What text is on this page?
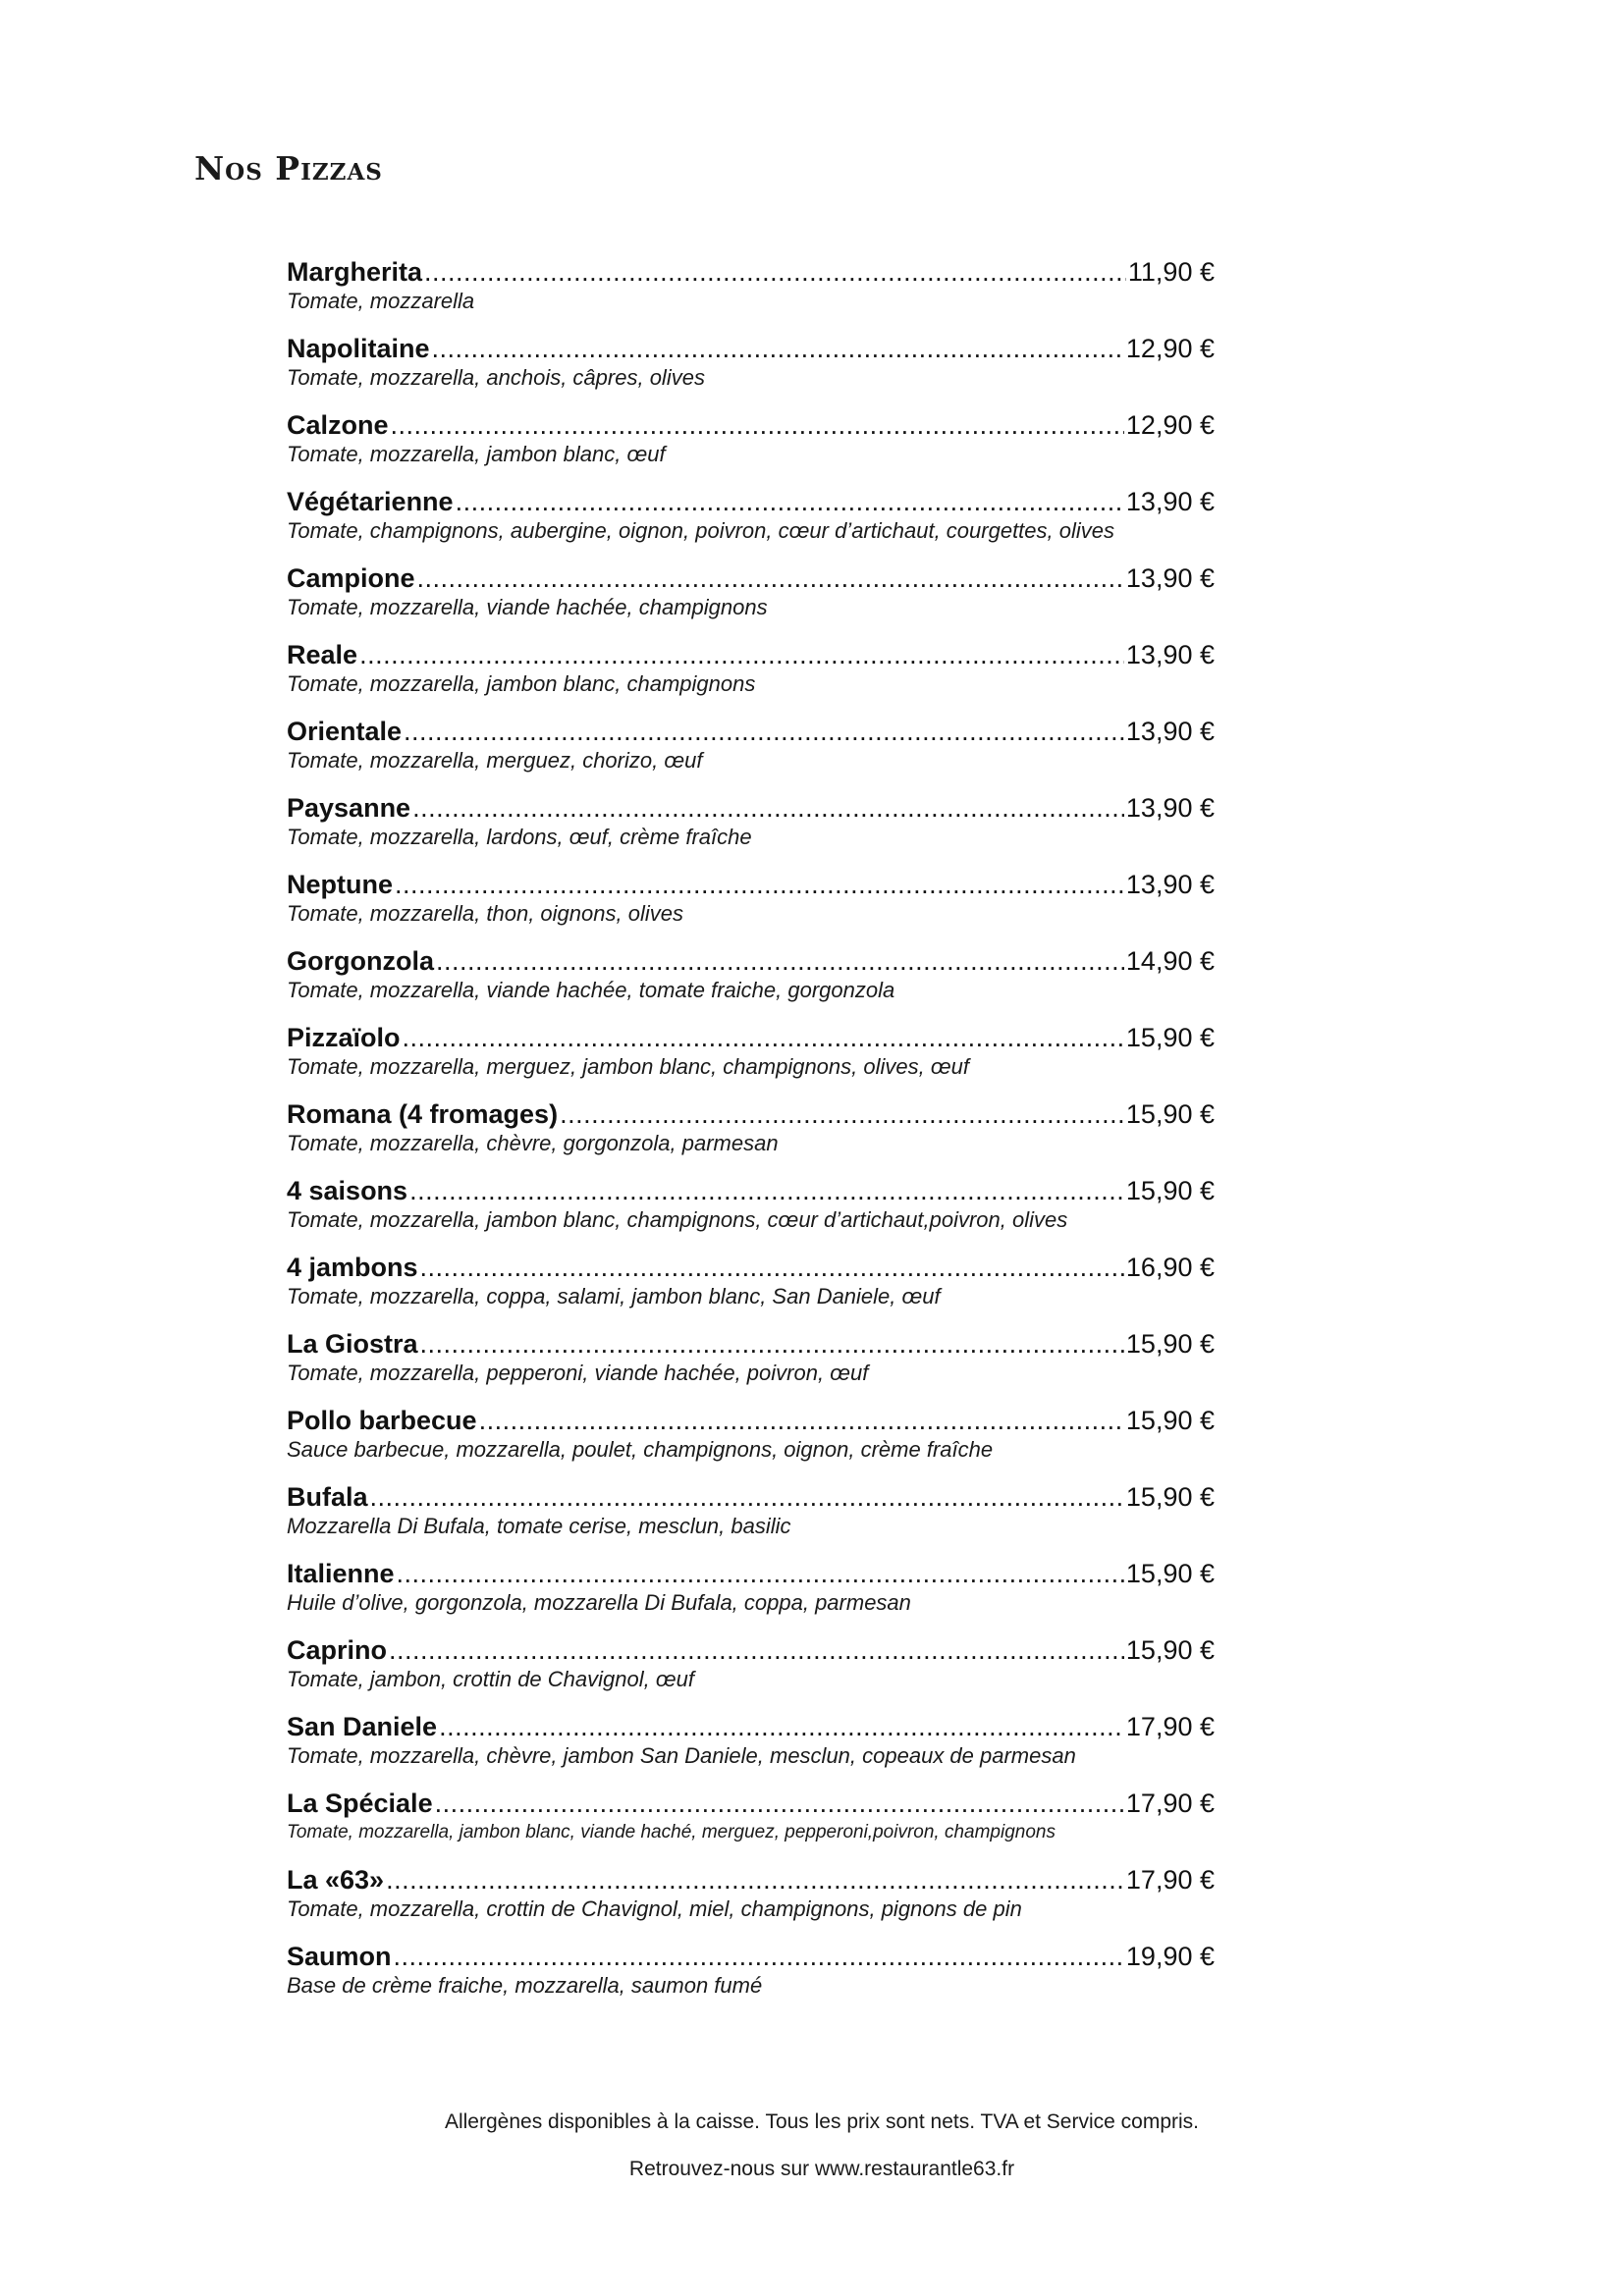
Nos Pizzas
Margherita .....	11,90 €
Tomate, mozzarella
Napolitaine .....	12,90 €
Tomate, mozzarella, anchois, câpres, olives
Calzone .....	12,90 €
Tomate, mozzarella, jambon blanc, œuf
Végétarienne .....	13,90 €
Tomate, champignons, aubergine, oignon, poivron, cœur d’artichaut, courgettes, olives
Campione .....	13,90 €
Tomate, mozzarella, viande hachée, champignons
Reale .....	13,90 €
Tomate, mozzarella, jambon blanc, champignons
Orientale .....	13,90 €
Tomate, mozzarella, merguez, chorizo, œuf
Paysanne .....	13,90 €
Tomate, mozzarella, lardons, œuf, crème fraîche
Neptune .....	13,90 €
Tomate, mozzarella, thon, oignons, olives
Gorgonzola .....	14,90 €
Tomate, mozzarella, viande hachée, tomate fraiche, gorgonzola
Pizzaïolo .....	15,90 €
Tomate, mozzarella, merguez, jambon blanc, champignons, olives, œuf
Romana (4 fromages) .....	15,90 €
Tomate, mozzarella, chèvre, gorgonzola, parmesan
4 saisons .....	15,90 €
Tomate, mozzarella, jambon blanc, champignons, cœur d’artichaut,poivron, olives
4 jambons .....	16,90 €
Tomate, mozzarella, coppa, salami, jambon blanc, San Daniele, œuf
La Giostra .....	15,90 €
Tomate, mozzarella, pepperoni, viande hachée, poivron, œuf
Pollo barbecue .....	15,90 €
Sauce barbecue, mozzarella, poulet, champignons, oignon, crème fraîche
Bufala .....	15,90 €
Mozzarella Di Bufala, tomate cerise, mesclun, basilic
Italienne .....	15,90 €
Huile d’olive, gorgonzola, mozzarella Di Bufala, coppa, parmesan
Caprino .....	15,90 €
Tomate, jambon, crottin de Chavignol, œuf
San Daniele .....	17,90 €
Tomate, mozzarella, chèvre, jambon San Daniele, mesclun, copeaux de parmesan
La Spéciale .....	17,90 €
Tomate, mozzarella, jambon blanc, viande haché, merguez, pepperoni,poivron, champignons
La «63» .....	17,90 €
Tomate, mozzarella, crottin de Chavignol, miel, champignons, pignons de pin
Saumon .....	19,90 €
Base de crème fraiche, mozzarella, saumon fumé
Allergènes disponibles à la caisse. Tous les prix sont nets. TVA et Service compris.
Retrouvez-nous sur www.restaurantle63.fr
